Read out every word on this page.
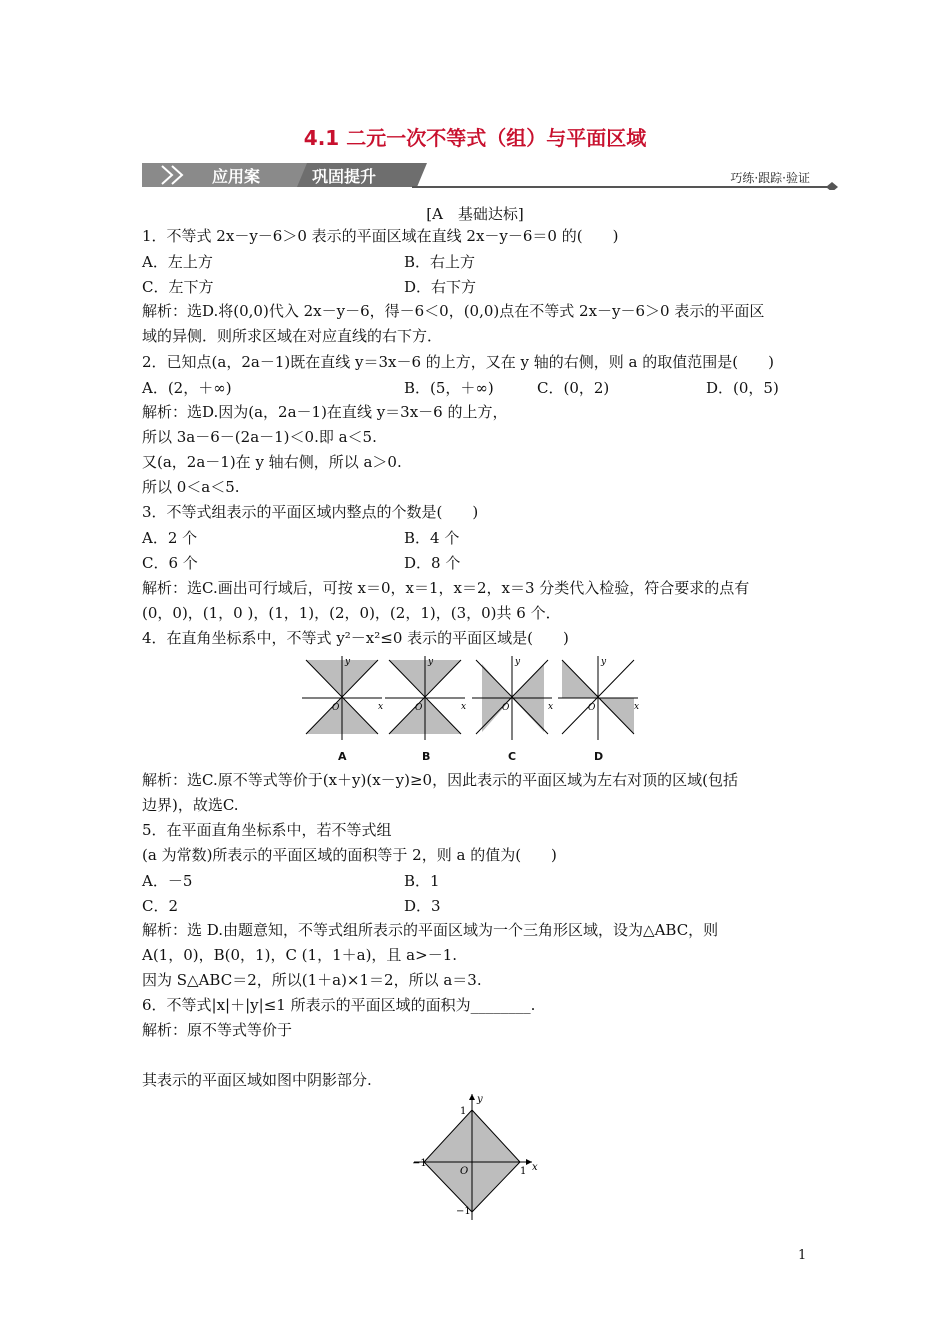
4.1 二元一次不等式（组）与平面区域
应用案	巩固提升	巧练·跟踪·验证
[A　基础达标]
1．不等式 2x－y－6＞0 表示的平面区域在直线 2x－y－6＝0 的(　　)
A．左上方	B．右上方
C．左下方	D．右下方
解析：选D.将(0,0)代入 2x－y－6，得－6＜0，(0,0)点在不等式 2x－y－6＞0 表示的平面区
域的异侧．则所求区域在对应直线的右下方．
2．已知点(a，2a－1)既在直线 y＝3x－6 的上方，又在 y 轴的右侧，则 a 的取值范围是(　　)
A．(2，＋∞)	B．(5，＋∞)	C．(0，2)	D．(0，5)
解析：选D.因为(a，2a－1)在直线 y＝3x－6 的上方，
所以 3a－6－(2a－1)＜0.即 a＜5.
又(a，2a－1)在 y 轴右侧，所以 a＞0.
所以 0＜a＜5.
3．不等式组表示的平面区域内整点的个数是(　　)
A．2 个	B．4 个
C．6 个	D．8 个
解析：选C.画出可行域后，可按 x＝0，x＝1，x＝2，x＝3 分类代入检验，符合要求的点有
(0，0)，(1，0 )，(1，1)，(2，0)，(2，1)，(3，0)共 6 个．
4．在直角坐标系中，不等式 y²－x²≤0 表示的平面区域是(　　)
y
x
O
y
x
O
y
x
O
y
x
O
A	B	C	D
解析：选C.原不等式等价于(x＋y)(x－y)≥0，因此表示的平面区域为左右对顶的区域(包括
边界)，故选C.
5．在平面直角坐标系中，若不等式组
(a 为常数)所表示的平面区域的面积等于 2，则 a 的值为(　　)
A．－5	B．1
C．2	D．3
解析：选 D.由题意知，不等式组所表示的平面区域为一个三角形区域，设为△ABC，则
A(1，0)，B(0，1)，C (1，1＋a)，且 a>－1.
因为 S△ABC＝2，所以(1＋a)×1＝2，所以 a＝3.
6．不等式|x|＋|y|≤1 所表示的平面区域的面积为________.
解析：原不等式等价于
其表示的平面区域如图中阴影部分.
y
x
O
1
1
−1
−1
1
